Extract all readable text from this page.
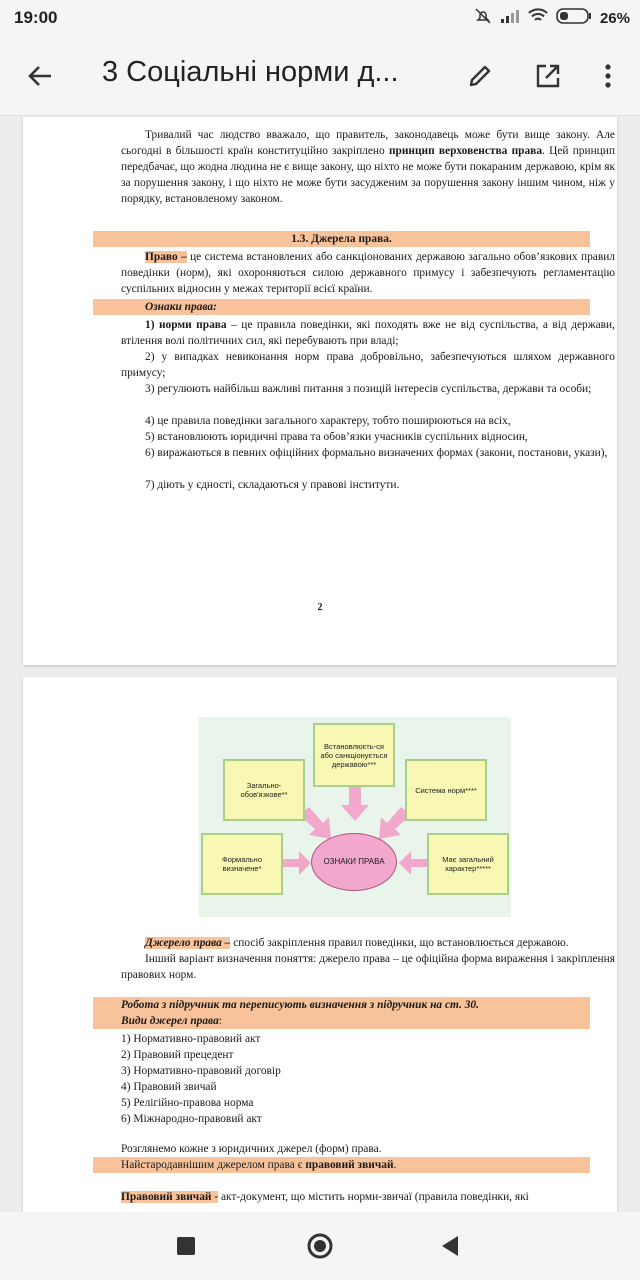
19:00	26%
3 Соціальні норми д...
Тривалий час людство вважало, що правитель, законодавець може бути вище закону. Але сьогодні в більшості країн конституційно закріплено принцип верховенства права. Цей принцип передбачає, що жодна людина не є вище закону, що ніхто не може бути покараним державою, крім як за порушення закону, і що ніхто не може бути засудженим за порушення закону іншим чином, ніж у порядку, встановленому законом.
1.3. Джерела права.
Право – це система встановлених або санкціонованих державою загально обов’язкових правил поведінки (норм), які охороняються силою державного примусу і забезпечують регламентацію суспільних відносин у межах території всієї країни.
Ознаки права:
1) норми права – це правила поведінки, які походять вже не від суспільства, а від держави, втілення волі політичних сил, які перебувають при владі;
2) у випадках невиконання норм права добровільно, забезпечуються шляхом державного примусу;
3) регулюють найбільш важливі питання з позицій інтересів суспільства, держави та особи;
4) це правила поведінки загального характеру, тобто поширюються на всіх,
5) встановлюють юридичні права та обов’язки учасників суспільних відносин,
6) виражаються в певних офіційних формально визначених формах (закони, постанови, укази),
7) діють у єдності, складаються у правові інститути.
2
Встановлюєть-ся або санкціонується державою***
Загально-обов'язкове**	Система норм****
Формально визначене*
Має загальний характер*****
ОЗНАКИ ПРАВА
Джерело права – спосіб закріплення правил поведінки, що встановлюється державою.
Інший варіант визначення поняття: джерело права – це офіційна форма вираження і закріплення правових норм.
Робота з підручник та переписують визначення з підручник на ст. 30.
Види джерел права:
1) Нормативно-правовий акт
2) Правовий прецедент
3) Нормативно-правовий договір
4) Правовий звичай
5) Релігійно-правова норма
6) Міжнародно-правовий акт
Розглянемо кожне з юридичних джерел (форм) права.
Найстародавнішим джерелом права є правовий звичай.
Правовий звичай - акт-документ, що містить норми-звичаї (правила поведінки, які
